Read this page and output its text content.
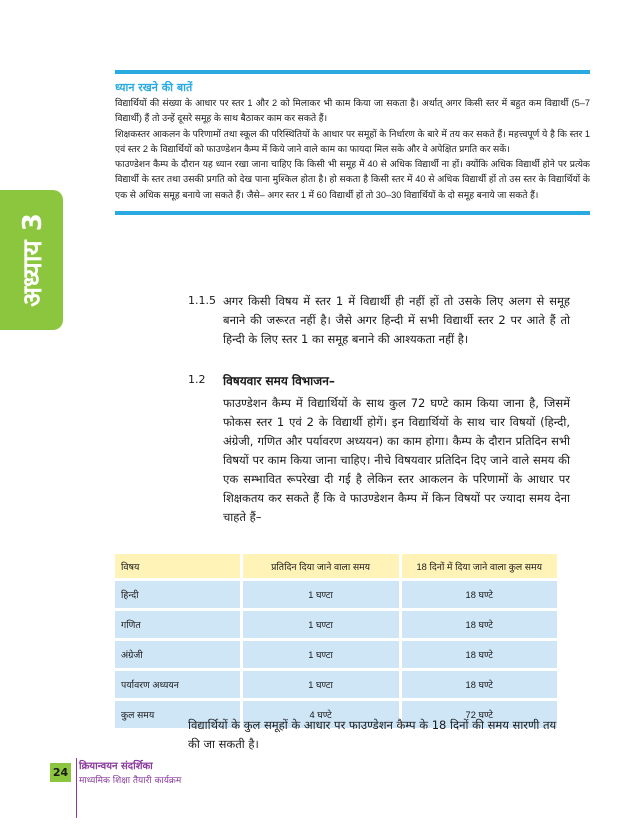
अध्याय 3
ध्यान रखने की बातें

विद्यार्थियों की संख्या के आधार पर स्तर 1 और 2 को मिलाकर भी काम किया जा सकता है। अर्थात् अगर किसी स्तर में बहुत कम विद्यार्थी (5–7 विद्यार्थी) हैं तो उन्हें दूसरे समूह के साथ बैठाकर काम कर सकते हैं।

शिक्षकस्तर आकलन के परिणामों तथा स्कूल की परिस्थितियों के आधार पर समूहों के निर्धारण के बारे में तय कर सकते हैं। महत्त्वपूर्ण ये है कि स्तर 1 एवं स्तर 2 के विद्यार्थियों को फाउण्डेशन कैम्प में किये जाने वाले काम का फायदा मिल सके और वे अपेक्षित प्रगति कर सकें।

फाउण्डेशन कैम्प के दौरान यह ध्यान रखा जाना चाहिए कि किसी भी समूह में 40 से अधिक विद्यार्थी ना हों। क्योंकि अधिक विद्यार्थी होने पर प्रत्येक विद्यार्थी के स्तर तथा उसकी प्रगति को देख पाना मुश्किल होता है। हो सकता है किसी स्तर में 40 से अधिक विद्यार्थी हों तो उस स्तर के विद्यार्थियों के एक से अधिक समूह बनाये जा सकते हैं। जैसे– अगर स्तर 1 में 60 विद्यार्थी हों तो 30–30 विद्यार्थियों के दो समूह बनाये जा सकते हैं।

1.1.5 अगर किसी विषय में स्तर 1 में विद्यार्थी ही नहीं हों तो उसके लिए अलग से समूह बनाने की जरूरत नहीं है। जैसे अगर हिन्दी में सभी विद्यार्थी स्तर 2 पर आते हैं तो हिन्दी के लिए स्तर 1 का समूह बनाने की आश्यकता नहीं है।
1.2 विषयवार समय विभाजन–

फाउण्डेशन कैम्प में विद्यार्थियों के साथ कुल 72 घण्टे काम किया जाना है, जिसमें फोकस स्तर 1 एवं 2 के विद्यार्थी होगें। इन विद्यार्थियों के साथ चार विषयों (हिन्दी, अंग्रेजी, गणित और पर्यावरण अध्ययन) का काम होगा। कैम्प के दौरान प्रतिदिन सभी विषयों पर काम किया जाना चाहिए। नीचे विषयवार प्रतिदिन दिए जाने वाले समय की एक सम्भावित रूपरेखा दी गई है लेकिन स्तर आकलन के परिणामों के आधार पर शिक्षकतय कर सकते हैं कि वे फाउण्डेशन कैम्प में किन विषयों पर ज्यादा समय देना चाहते हैं–

विषय	प्रतिदिन दिया जाने वाला समय	18 दिनों में दिया जाने वाला कुल समय
हिन्दी	1 घण्टा	18 घण्टे
गणित	1 घण्टा	18 घण्टे
अंग्रेजी	1 घण्टा	18 घण्टे
पर्यावरण अध्ययन	1 घण्टा	18 घण्टे
कुल समय	4 घण्टे	72 घण्टे

विद्यार्थियों के कुल समूहों के आधार पर फाउण्डेशन कैम्प के 18 दिनों की समय सारणी तय की जा सकती है।

24 क्रियान्वयन संदर्शिका
माध्यमिक शिक्षा तैयारी कार्यक्रम
